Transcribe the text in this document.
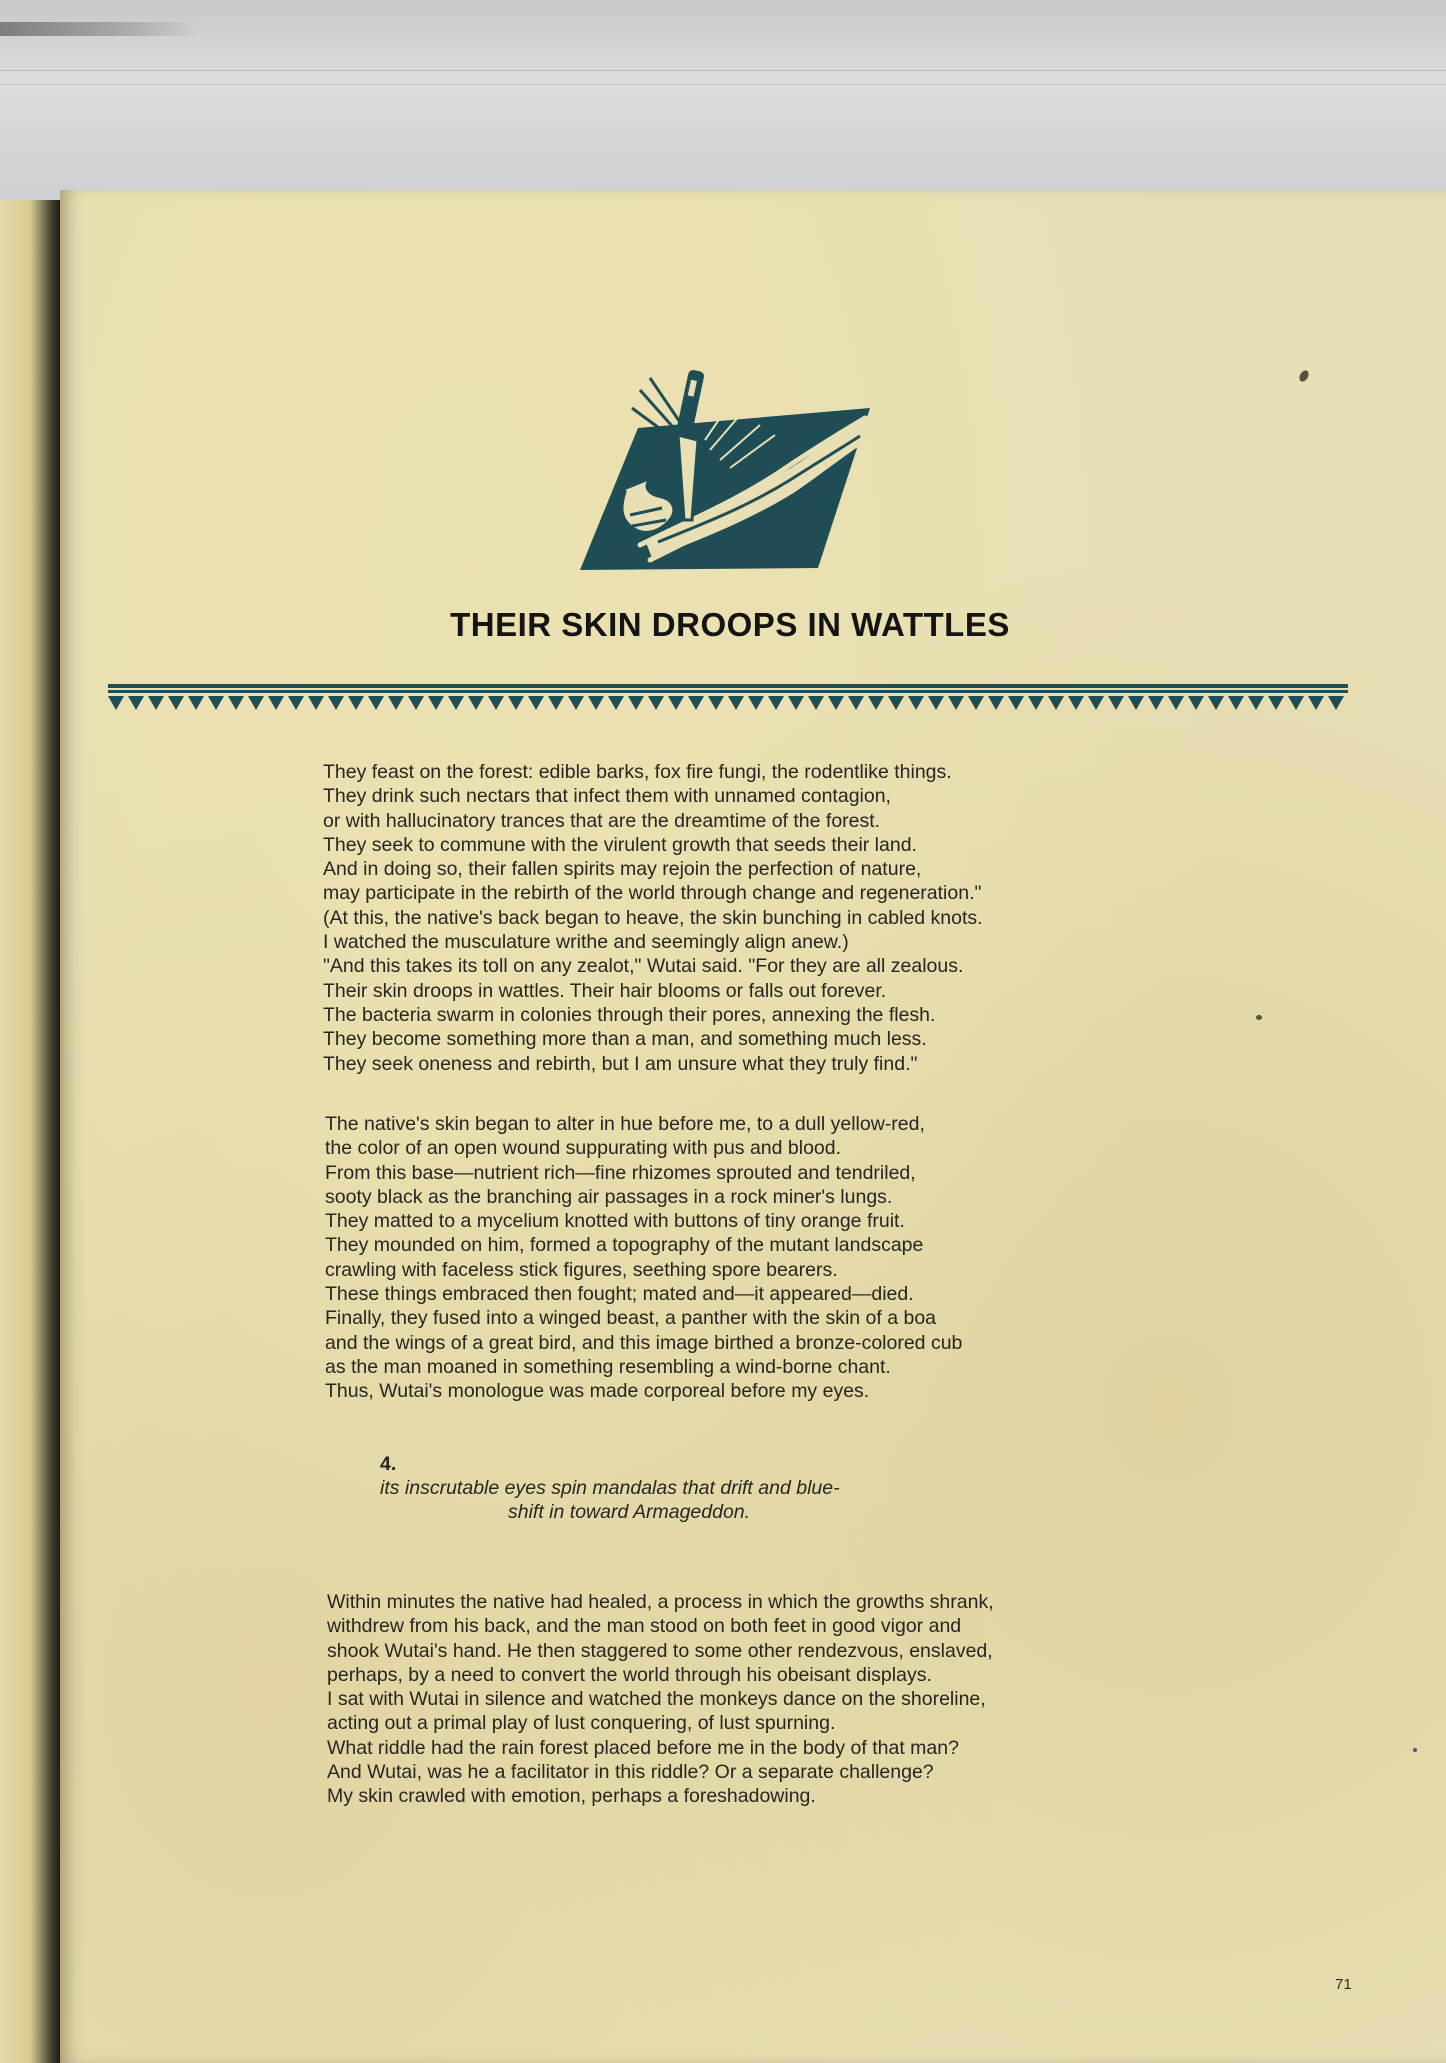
THEIR SKIN DROOPS IN WATTLES

They feast on the forest: edible barks, fox fire fungi, the rodentlike things.

They drink such nectars that infect them with unnamed contagion,

or with hallucinatory trances that are the dreamtime of the forest.

They seek to commune with the virulent growth that seeds their land.

And in doing so, their fallen spirits may rejoin the perfection of nature,

may participate in the rebirth of the world through change and regeneration."

(At this, the native's back began to heave, the skin bunching in cabled knots.

I watched the musculature writhe and seemingly align anew.)

"And this takes its toll on any zealot," Wutai said. "For they are all zealous.

Their skin droops in wattles. Their hair blooms or falls out forever.

The bacteria swarm in colonies through their pores, annexing the flesh.

They become something more than a man, and something much less.

They seek oneness and rebirth, but I am unsure what they truly find."

The native's skin began to alter in hue before me, to a dull yellow-red,

the color of an open wound suppurating with pus and blood.

From this base—nutrient rich—fine rhizomes sprouted and tendriled,

sooty black as the branching air passages in a rock miner's lungs.

They matted to a mycelium knotted with buttons of tiny orange fruit.

They mounded on him, formed a topography of the mutant landscape

crawling with faceless stick figures, seething spore bearers.

These things embraced then fought; mated and—it appeared—died.

Finally, they fused into a winged beast, a panther with the skin of a boa

and the wings of a great bird, and this image birthed a bronze-colored cub

as the man moaned in something resembling a wind-borne chant.

Thus, Wutai's monologue was made corporeal before my eyes.

4.

its inscrutable eyes spin mandalas that drift and blue-

shift in toward Armageddon.

Within minutes the native had healed, a process in which the growths shrank,

withdrew from his back, and the man stood on both feet in good vigor and

shook Wutai's hand. He then staggered to some other rendezvous, enslaved,

perhaps, by a need to convert the world through his obeisant displays.

I sat with Wutai in silence and watched the monkeys dance on the shoreline,

acting out a primal play of lust conquering, of lust spurning.

What riddle had the rain forest placed before me in the body of that man?

And Wutai, was he a facilitator in this riddle? Or a separate challenge?

My skin crawled with emotion, perhaps a foreshadowing.

71
